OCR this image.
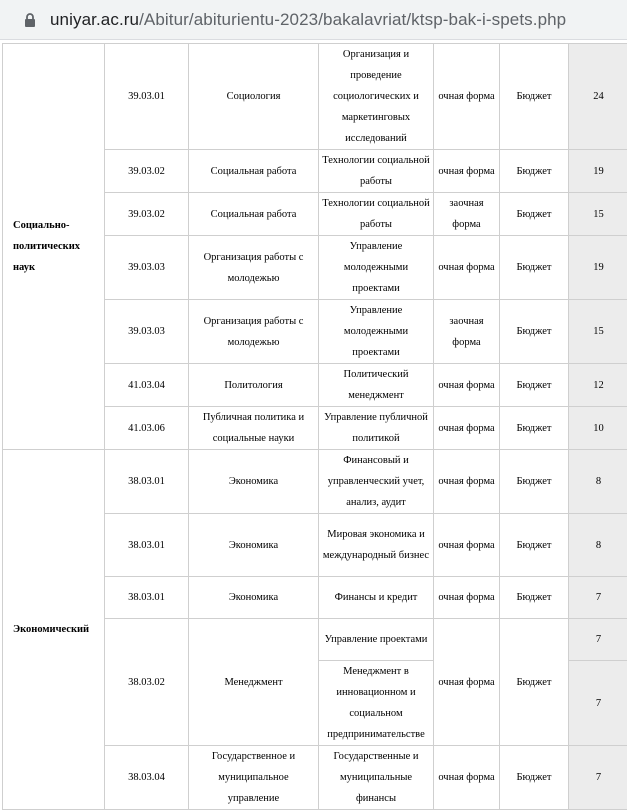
uniyar.ac.ru/Abitur/abiturientu-2023/bakalavriat/ktsp-bak-i-spets.php
Социально-политических наук	39.03.01	Социология	Организация и проведение социологических и маркетинговых исследований	очная форма	Бюджет	24
	39.03.02	Социальная работа	Технологии социальной работы	очная форма	Бюджет	19
	39.03.02	Социальная работа	Технологии социальной работы	заочная форма	Бюджет	15
	39.03.03	Организация работы с молодежью	Управление молодежными проектами	очная форма	Бюджет	19
	39.03.03	Организация работы с молодежью	Управление молодежными проектами	заочная форма	Бюджет	15
	41.03.04	Политология	Политический менеджмент	очная форма	Бюджет	12
	41.03.06	Публичная политика и социальные науки	Управление публичной политикой	очная форма	Бюджет	10
Экономический	38.03.01	Экономика	Финансовый и управленческий учет, анализ, аудит	очная форма	Бюджет	8
	38.03.01	Экономика	Мировая экономика и международный бизнес	очная форма	Бюджет	8
	38.03.01	Экономика	Финансы и кредит	очная форма	Бюджет	7
	38.03.02	Менеджмент	Управление проектами	очная форма	Бюджет	7
			Менеджмент в инновационном и социальном предпринимательстве			7
	38.03.04	Государственное и муниципальное управление	Государственные и муниципальные финансы	очная форма	Бюджет	7
